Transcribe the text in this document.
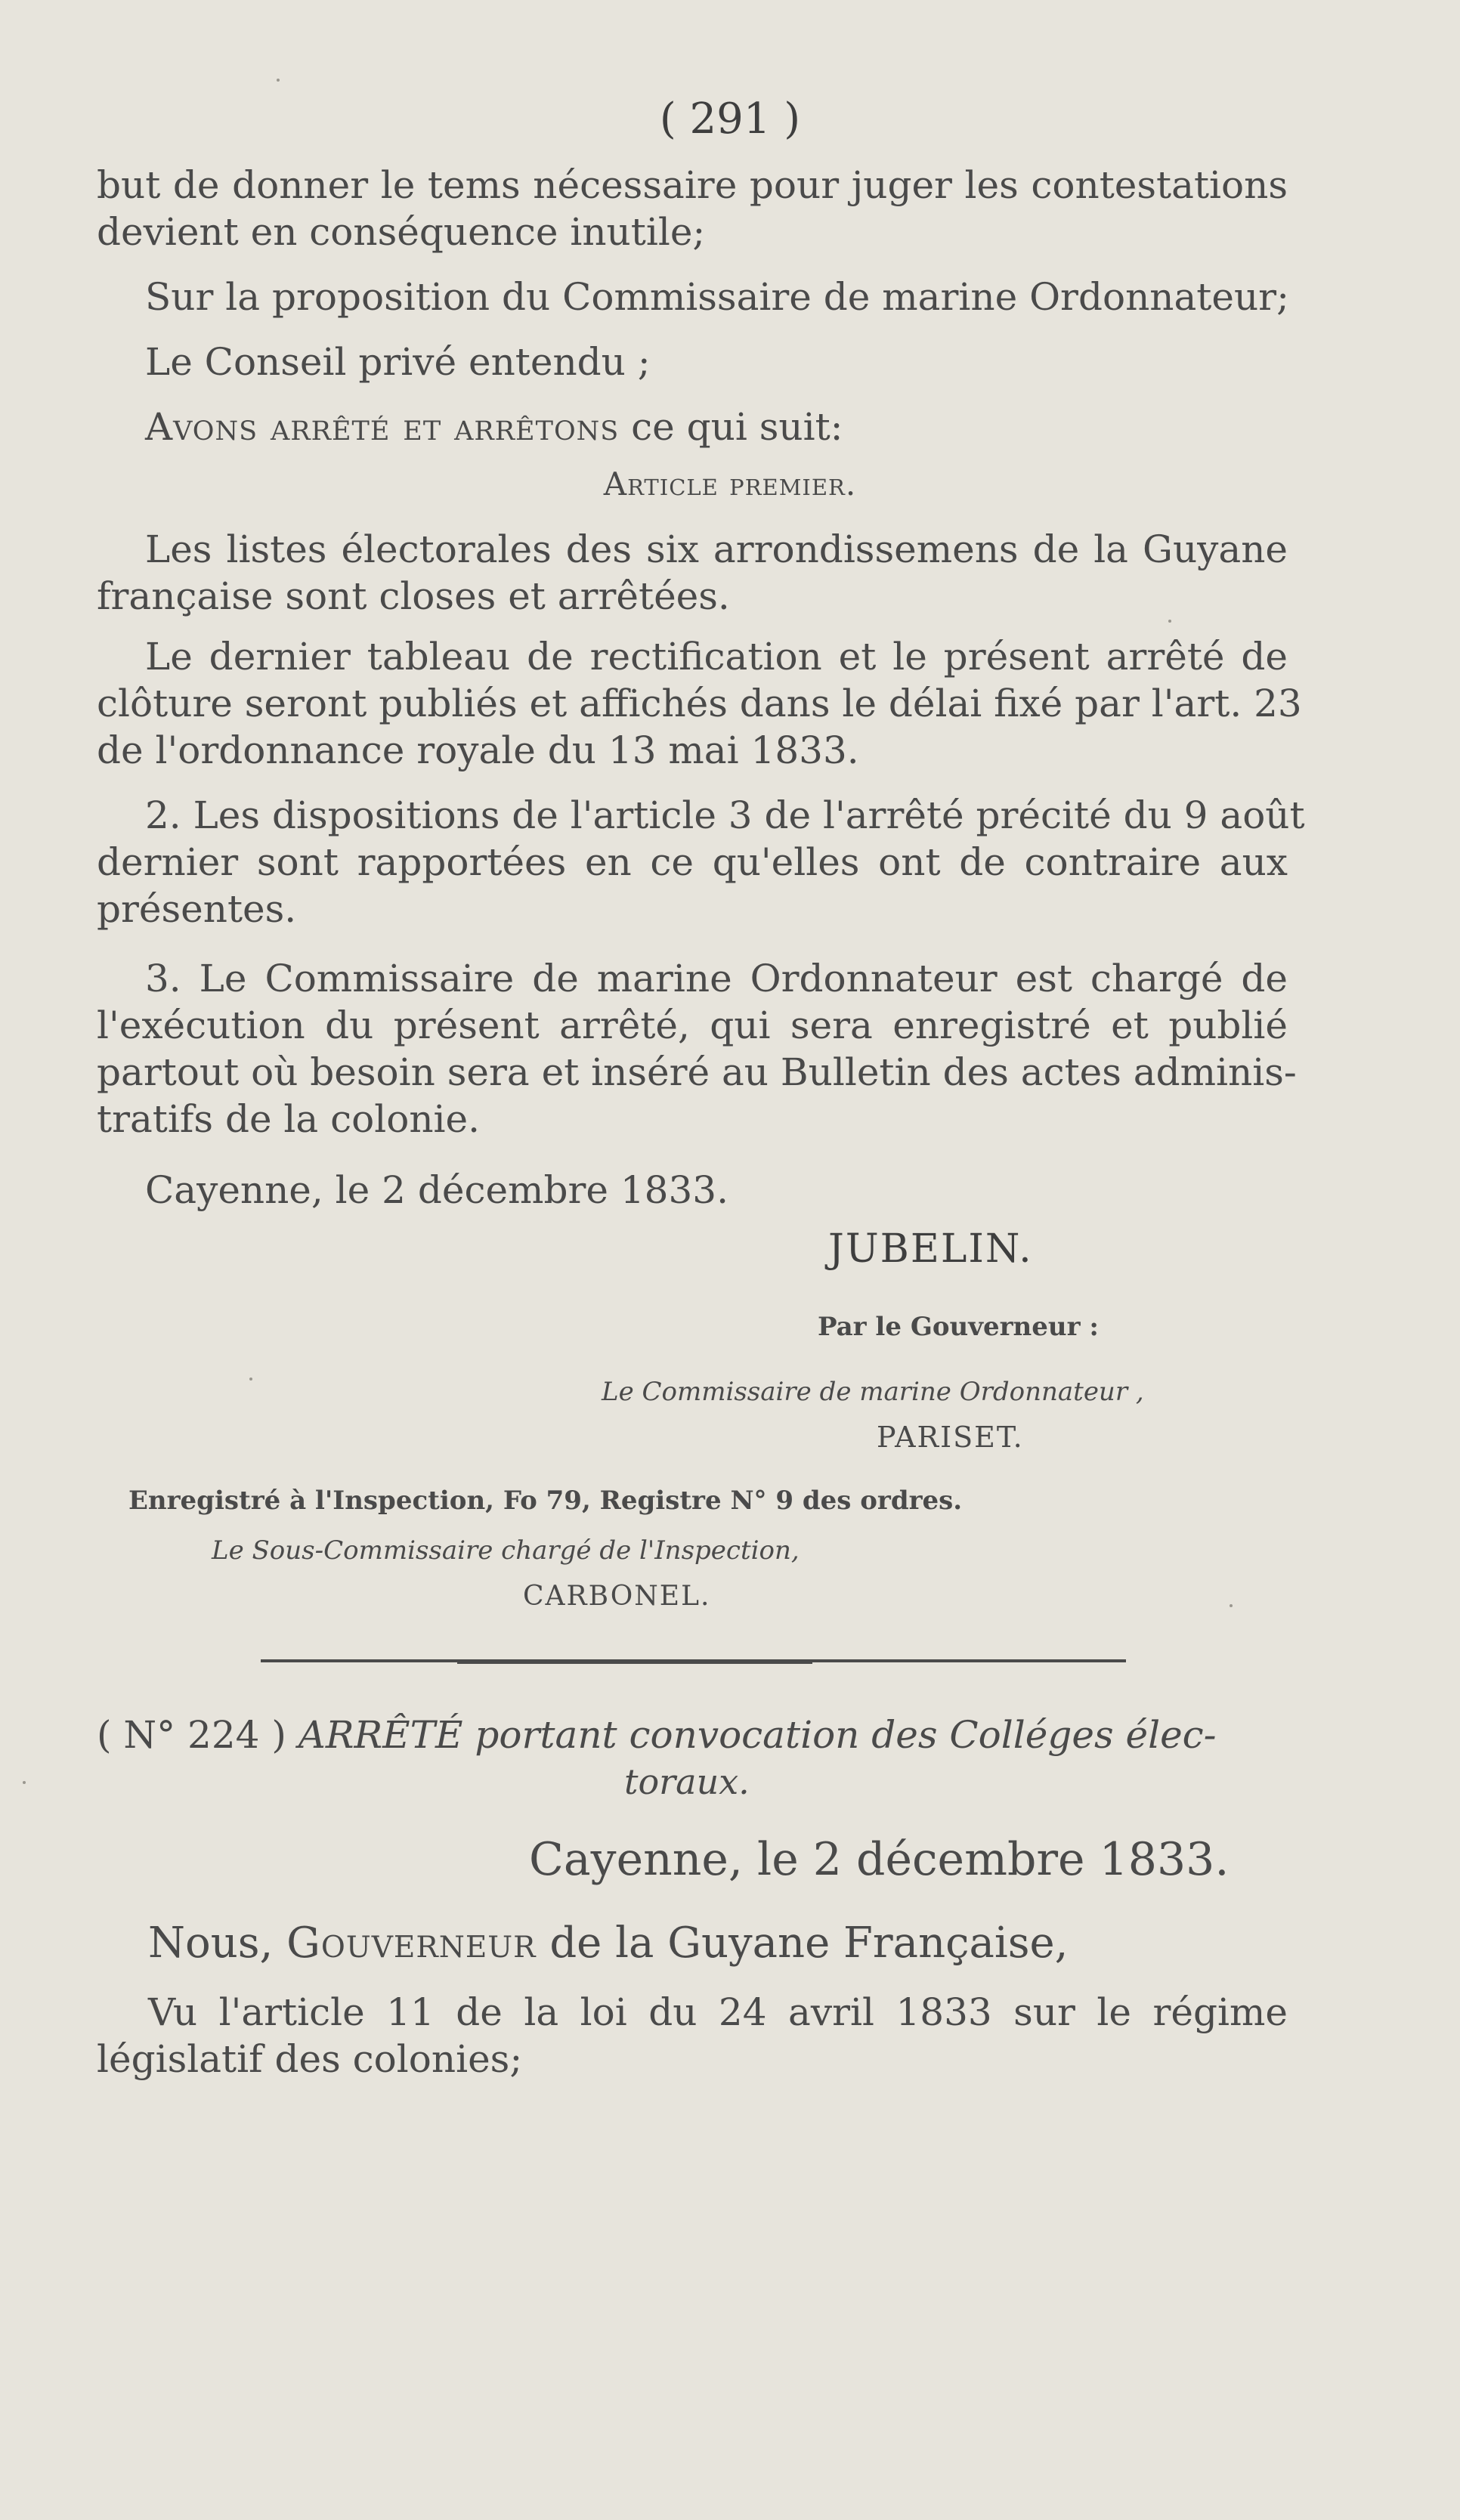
( 291 )
but de donner le tems nécessaire pour juger les contestations
devient en conséquence inutile;
Sur la proposition du Commissaire de marine Ordonnateur;
Le Conseil privé entendu ;
Avons arrêté et arrêtons ce qui suit:
Article premier.
Les listes électorales des six arrondissemens de la Guyane
française sont closes et arrêtées.
Le dernier tableau de rectification et le présent arrêté de
clôture seront publiés et affichés dans le délai fixé par l'art. 23
de l'ordonnance royale du 13 mai 1833.
2. Les dispositions de l'article 3 de l'arrêté précité du 9 août
dernier sont rapportées en ce qu'elles ont de contraire aux
présentes.
3. Le Commissaire de marine Ordonnateur est chargé de
l'exécution du présent arrêté, qui sera enregistré et publié
partout où besoin sera et inséré au Bulletin des actes adminis-
tratifs de la colonie.
Cayenne, le 2 décembre 1833.
JUBELIN.
Par le Gouverneur :
Le Commissaire de marine Ordonnateur ,
PARISET.
Enregistré à l'Inspection, Fo 79, Registre N° 9 des ordres.
Le Sous-Commissaire chargé de l'Inspection,
CARBONEL.
( N° 224 ) ARRÊTÉ portant convocation des Colléges élec-
toraux.
Cayenne, le 2 décembre 1833.
Nous, Gouverneur de la Guyane Française,
Vu l'article 11 de la loi du 24 avril 1833 sur le régime
législatif des colonies;
